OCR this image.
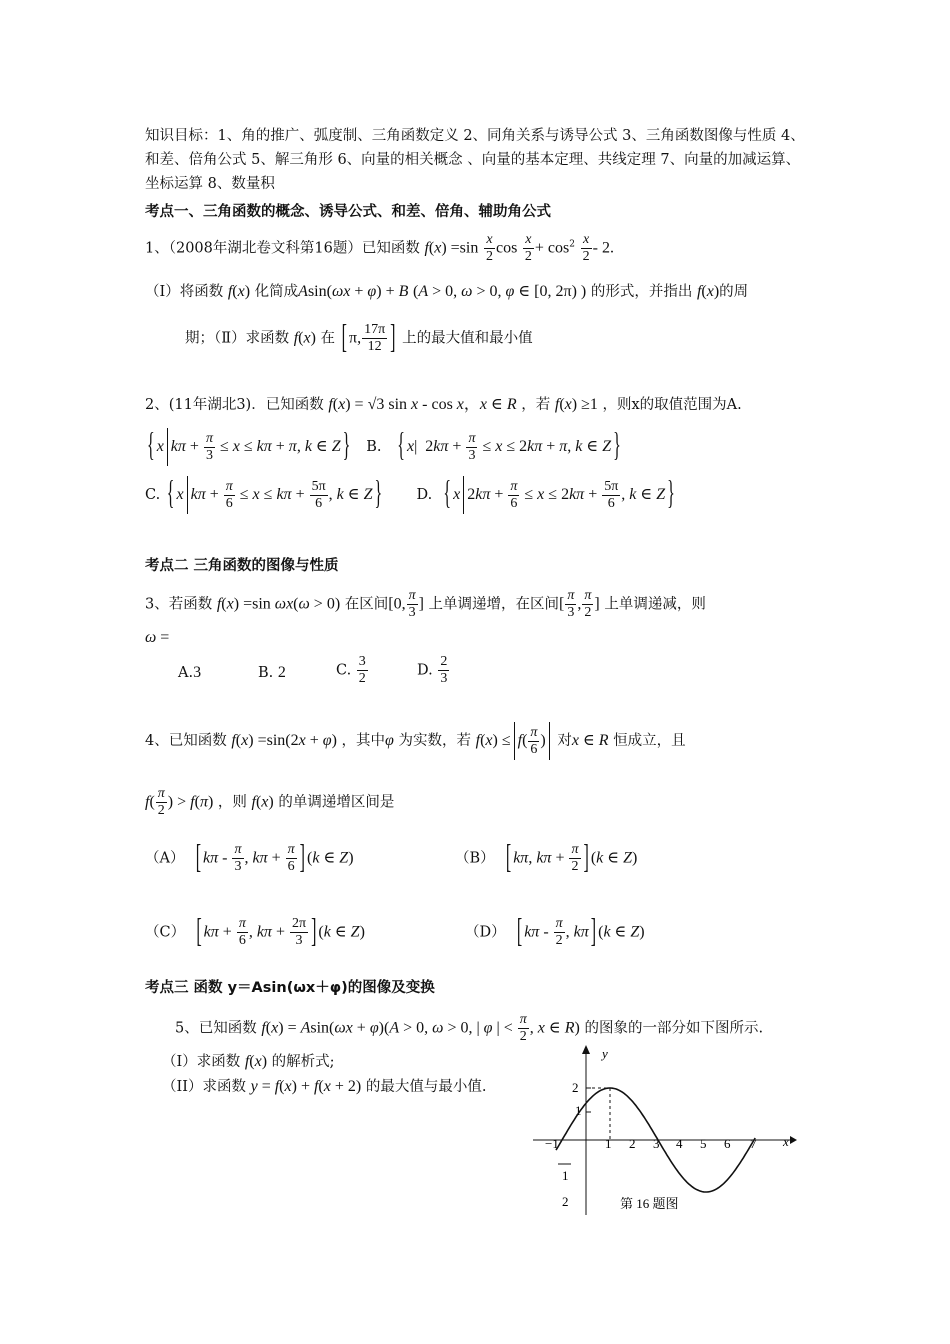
知识目标：1、角的推广、弧度制、三角函数定义 2、同角关系与诱导公式 3、三角函数图像与性质 4、和差、倍角公式 5、解三角形 6、向量的相关概念 、向量的基本定理、共线定理 7、向量的加减运算、坐标运算 8、数量积
考点一、三角函数的概念、诱导公式、和差、倍角、辅助角公式
1、（2008年湖北卷文科第16题）已知函数 $f(x) =\sin \frac{x}{2}$ $\cos \frac{x}{2} + \cos^2 \frac{x}{2} - 2$.
（Ⅰ）将函数 f(x) 化简成Asin(ωx + φ) + B (A > 0, ω > 0, φ ∈ [0, 2π) ) 的形式，并指出 f(x)的周
期；（Ⅱ）求函数 f(x) 在 [ π, $\frac{17\pi}{12}$ ] 上的最大值和最小值
2、(11年湖北3)．已知函数 f(x) = √3 sin x - cos x，x ∈ R ，若 f(x) ≥1 ，则x的取值范围为A.
{ x $k\pi + \frac{\pi}{3} \le x \le k\pi + \pi$, k ∈ Z } B. { x|  $2k\pi + \frac{\pi}{3} \le x \le 2k\pi + \pi$, k ∈ Z }
C. { x $k\pi + \frac{\pi}{6} \le x \le k\pi + \frac{5\pi}{6}$ , k ∈ Z } D. { x $2k\pi + \frac{\pi}{6} \le x \le 2k\pi + \frac{5\pi}{6}$ , k ∈ Z }
考点二 三角函数的图像与性质
3、若函数 f(x) =sin ωx(ω > 0) 在区间[0, $\frac{\pi}{3}$ ] 上单调递增，在区间[ $\frac{\pi}{3}$ , $\frac{\pi}{2}$ ] 上单调递减，则
ω =
A.3	B. 2	C. $\frac{3}{2}$	D. $\frac{2}{3}$
4、已知函数 f(x) =sin(2x + φ) ，其中φ 为实数，若 $f(x) \le f( \frac{\pi}{6}$ ) 对x ∈ R 恒成立，且
$f( \frac{\pi}{2}$ ) > f(π) ，则 f(x) 的单调递增区间是
（A） [ kπ - $\frac{\pi}{3}$ , $k\pi + \frac{\pi}{6}$ ] (k ∈ Z)	（B） [ kπ, $k\pi + \frac{\pi}{2}$ ] (k ∈ Z)
（C） [ $k\pi + \frac{\pi}{6}$ , $k\pi + \frac{2\pi}{3}$ ] (k ∈ Z)	（D） [ kπ - $\frac{\pi}{2}$ , kπ ] (k ∈ Z)
考点三 函数 y＝Asin(ωx＋φ)的图像及变换
5、已知函数 f(x) = Asin(ωx + φ)(A > 0, ω > 0, | φ | < $\frac{\pi}{2}$ , x ∈ R) 的图象的一部分如下图所示.
（I）求函数 f(x) 的解析式;
（II）求函数 y = f(x) + f(x + 2) 的最大值与最小值.
y
x
2
1
1 2 3 4 5 6 7
−1
1
2	第 16 题图
